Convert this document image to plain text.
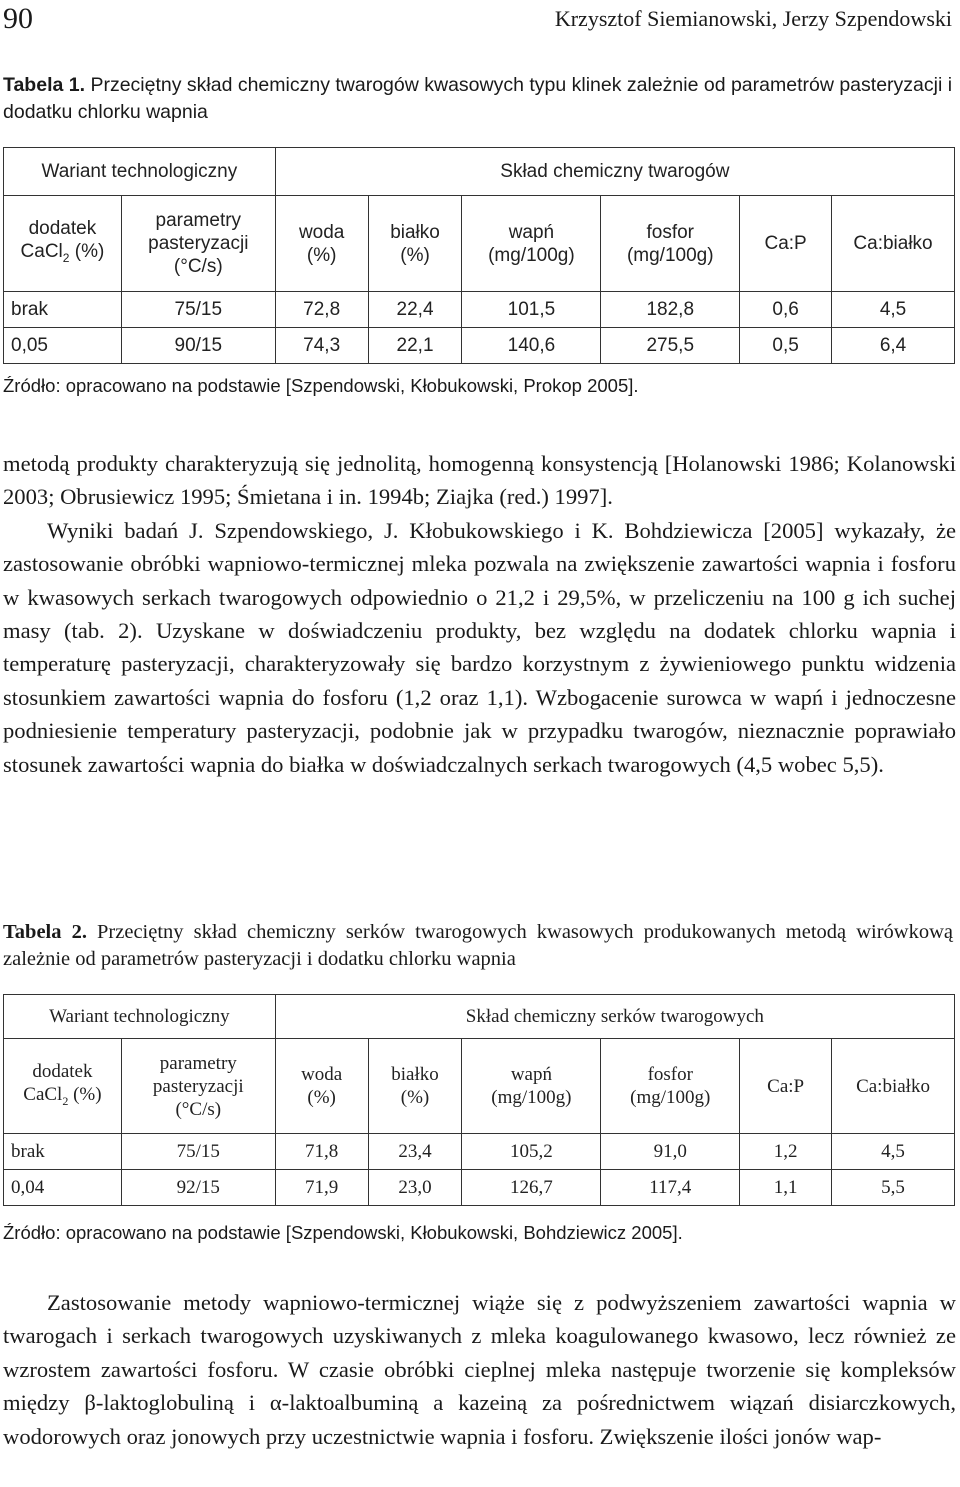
90	Krzysztof Siemianowski, Jerzy Szpendowski
Tabela 1. Przeciętny skład chemiczny twarogów kwasowych typu klinek zależnie od parametrów pasteryzacji i dodatku chlorku wapnia
Wariant technologiczny		Skład chemiczny twarogów					
dodatek
CaCl$_2$ (%)	parametry
pasteryzacji
(°C/s)	woda
(%)	białko
(%)	wapń
(mg/100g)	fosfor
(mg/100g)	Ca:P	Ca:białko
brak	75/15	72,8	22,4	101,5	182,8	0,6	4,5
0,05	90/15	74,3	22,1	140,6	275,5	0,5	6,4
Źródło: opracowano na podstawie [Szpendowski, Kłobukowski, Prokop 2005].

metodą produkty charakteryzują się jednolitą, homogenną konsystencją [Holanowski 1986; Kolanowski 2003; Obrusiewicz 1995; Śmietana i in. 1994b; Ziajka (red.) 1997].

Wyniki badań J. Szpendowskiego, J. Kłobukowskiego i K. Bohdziewicza [2005] wykazały, że zastosowanie obróbki wapniowo-termicznej mleka pozwala na zwiększenie zawartości wapnia i fosforu w kwasowych serkach twarogowych odpowiednio o 21,2 i 29,5%, w przeliczeniu na 100 g ich suchej masy (tab. 2). Uzyskane w doświadczeniu produkty, bez względu na dodatek chlorku wapnia i temperaturę pasteryzacji, charakteryzowały się bardzo korzystnym z żywieniowego punktu widzenia stosunkiem zawartości wapnia do fosforu (1,2 oraz 1,1). Wzbogacenie surowca w wapń i jednoczesne podniesienie temperatury pasteryzacji, podobnie jak w przypadku twarogów, nieznacznie poprawiało stosunek zawartości wapnia do białka w doświadczalnych serkach twarogowych (4,5 wobec 5,5).

Tabela 2. Przeciętny skład chemiczny serków twarogowych kwasowych produkowanych metodą wirówkową zależnie od parametrów pasteryzacji i dodatku chlorku wapnia
Wariant technologiczny		Skład chemiczny serków twarogowych					
dodatek
CaCl$_2$ (%)	parametry
pasteryzacji
(°C/s)	woda
(%)	białko
(%)	wapń
(mg/100g)	fosfor
(mg/100g)	Ca:P	Ca:białko
brak	75/15	71,8	23,4	105,2	91,0	1,2	4,5
0,04	92/15	71,9	23,0	126,7	117,4	1,1	5,5
Źródło: opracowano na podstawie [Szpendowski, Kłobukowski, Bohdziewicz 2005].

Zastosowanie metody wapniowo-termicznej wiąże się z podwyższeniem zawartości wapnia w twarogach i serkach twarogowych uzyskiwanych z mleka koagulowanego kwasowo, lecz również ze wzrostem zawartości fosforu. W czasie obróbki cieplnej mleka następuje tworzenie się kompleksów między β-laktoglobuliną i α-laktoalbuminą a kazeiną za pośrednictwem wiązań disiarczkowych, wodorowych oraz jonowych przy uczestnictwie wapnia i fosforu. Zwiększenie ilości jonów wap-
